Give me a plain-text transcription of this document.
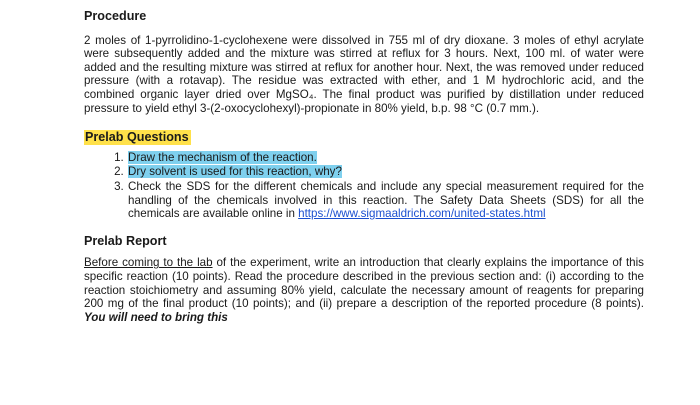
Procedure

2 moles of 1-pyrrolidino-1-cyclohexene were dissolved in 755 ml of dry dioxane. 3 moles of ethyl acrylate were subsequently added and the mixture was stirred at reflux for 3 hours. Next, 100 ml. of water were added and the resulting mixture was stirred at reflux for another hour. Next, the was removed under reduced pressure (with a rotavap). The residue was extracted with ether, and 1 M hydrochloric acid, and the combined organic layer dried over MgSO₄. The final product was purified by distillation under reduced pressure to yield ethyl 3-(2-oxocyclohexyl)-propionate in 80% yield, b.p. 98 °C (0.7 mm.).

Prelab Questions

1. Draw the mechanism of the reaction.
2. Dry solvent is used for this reaction, why?
3. Check the SDS for the different chemicals and include any special measurement required for the handling of the chemicals involved in this reaction. The Safety Data Sheets (SDS) for all the chemicals are available online in https://www.sigmaaldrich.com/united-states.html

Prelab Report

Before coming to the lab of the experiment, write an introduction that clearly explains the importance of this specific reaction (10 points). Read the procedure described in the previous section and: (i) according to the reaction stoichiometry and assuming 80% yield, calculate the necessary amount of reagents for preparing 200 mg of the final product (10 points); and (ii) prepare a description of the reported procedure (8 points). You will need to bring this
